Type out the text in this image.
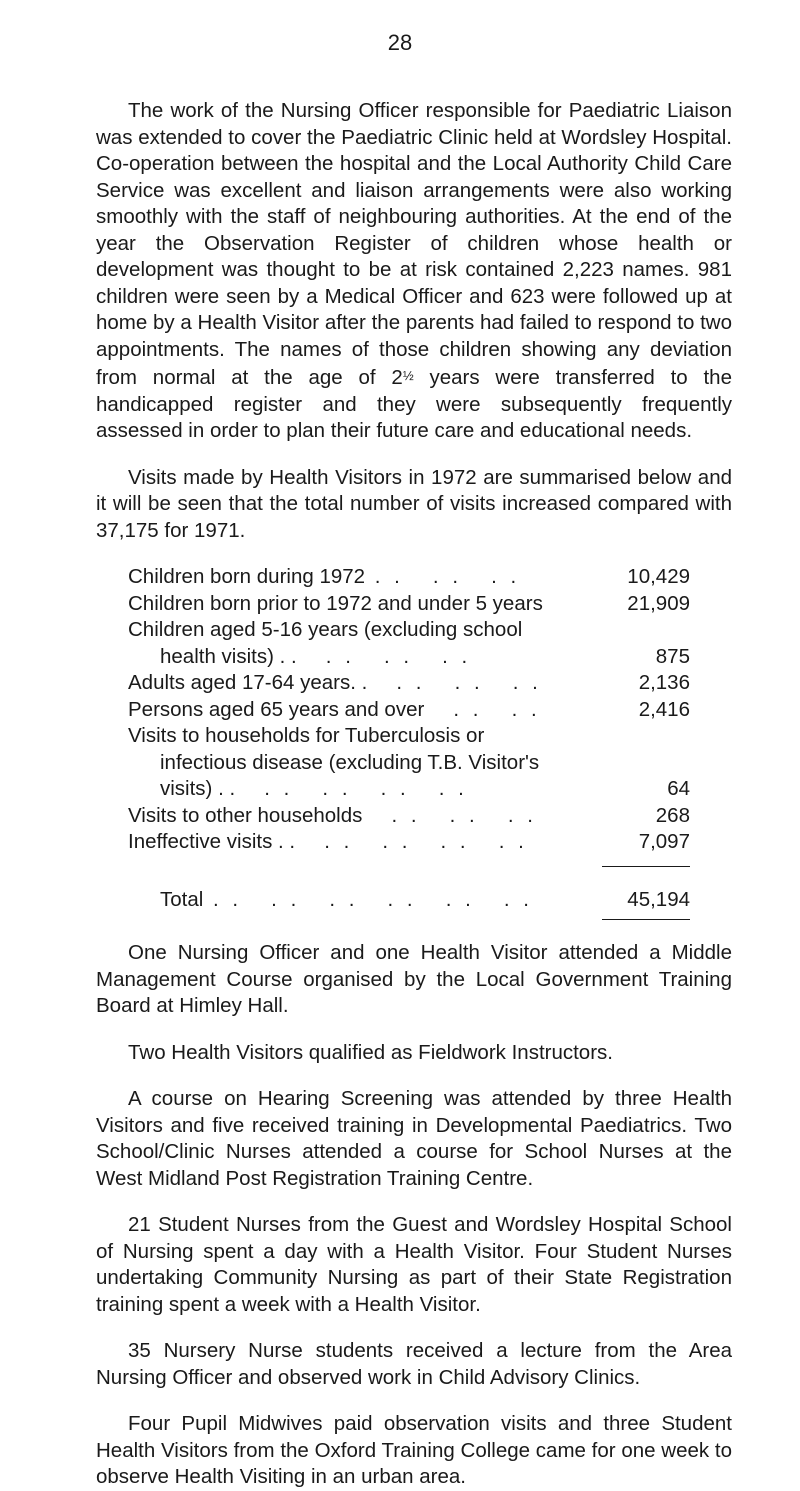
28

The work of the Nursing Officer responsible for Paediatric Liaison was extended to cover the Paediatric Clinic held at Wordsley Hospital. Co-operation between the hospital and the Local Authority Child Care Service was excellent and liaison arrangements were also working smoothly with the staff of neighbouring authorities. At the end of the year the Observation Register of children whose health or development was thought to be at risk contained 2,223 names. 981 children were seen by a Medical Officer and 623 were followed up at home by a Health Visitor after the parents had failed to respond to two appointments. The names of those children showing any deviation from normal at the age of 2½ years were transferred to the handicapped register and they were subsequently frequently assessed in order to plan their future care and educational needs.

Visits made by Health Visitors in 1972 are summarised below and it will be seen that the total number of visits increased compared with 37,175 for 1971.

Children born during 1972 . .   . .   . .	10,429
Children born prior to 1972 and under 5 years	21,909
Children aged 5-16 years (excluding school
health visits) . .   . .   . .   . .	875
Adults aged 17-64 years. .   . .   . .   . .	2,136
Persons aged 65 years and over   . .   . .	2,416
Visits to households for Tuberculosis or
infectious disease (excluding T.B. Visitor's
visits) . .   . .   . .   . .   . .	64
Visits to other households   . .   . .   . .	268
Ineffective visits . .   . .   . .   . .   . .	7,097
Total . .   . .   . .   . .   . .   . .	45,194

One Nursing Officer and one Health Visitor attended a Middle Management Course organised by the Local Government Training Board at Himley Hall.

Two Health Visitors qualified as Fieldwork Instructors.

A course on Hearing Screening was attended by three Health Visitors and five received training in Developmental Paediatrics. Two School/Clinic Nurses attended a course for School Nurses at the West Midland Post Registration Training Centre.

21 Student Nurses from the Guest and Wordsley Hospital School of Nursing spent a day with a Health Visitor. Four Student Nurses undertaking Community Nursing as part of their State Registration training spent a week with a Health Visitor.

35 Nursery Nurse students received a lecture from the Area Nursing Officer and observed work in Child Advisory Clinics.

Four Pupil Midwives paid observation visits and three Student Health Visitors from the Oxford Training College came for one week to observe Health Visiting in an urban area.
